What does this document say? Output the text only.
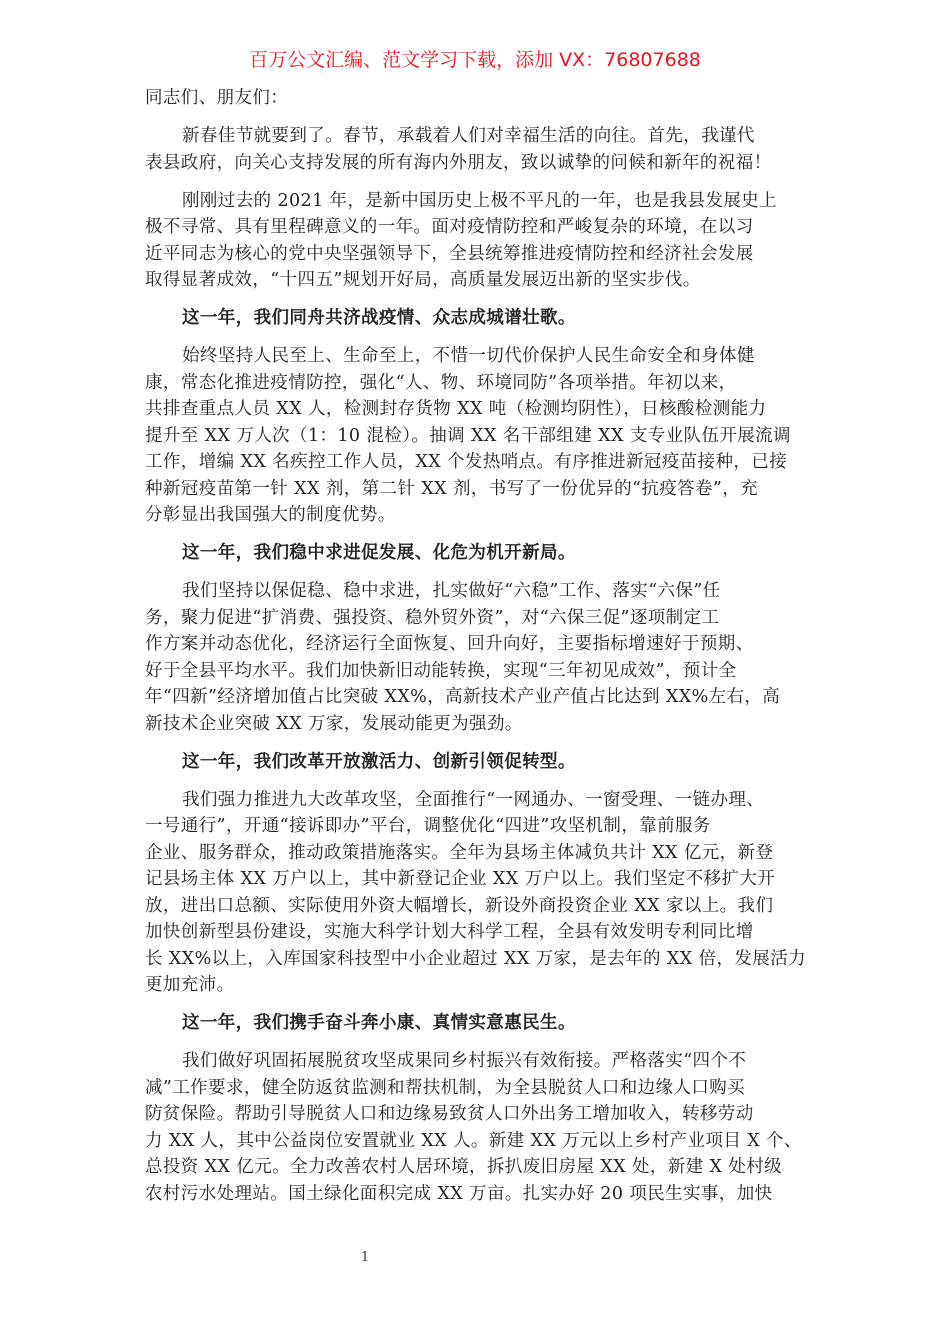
百万公文汇编、范文学习下载，添加 VX：76807688
同志们、朋友们：
新春佳节就要到了。春节，承载着人们对幸福生活的向往。首先，我谨代
表县政府，向关心支持发展的所有海内外朋友，致以诚挚的问候和新年的祝福！
刚刚过去的 2021 年，是新中国历史上极不平凡的一年，也是我县发展史上
极不寻常、具有里程碑意义的一年。面对疫情防控和严峻复杂的环境，在以习
近平同志为核心的党中央坚强领导下，全县统筹推进疫情防控和经济社会发展
取得显著成效，“十四五”规划开好局，高质量发展迈出新的坚实步伐。
这一年，我们同舟共济战疫情、众志成城谱壮歌。
始终坚持人民至上、生命至上，不惜一切代价保护人民生命安全和身体健
康，常态化推进疫情防控，强化“人、物、环境同防”各项举措。年初以来，
共排查重点人员 XX 人，检测封存货物 XX 吨（检测均阴性），日核酸检测能力
提升至 XX 万人次（1：10 混检）。抽调 XX 名干部组建 XX 支专业队伍开展流调
工作，增编 XX 名疾控工作人员，XX 个发热哨点。有序推进新冠疫苗接种，已接
种新冠疫苗第一针 XX 剂，第二针 XX 剂，书写了一份优异的“抗疫答卷”，充
分彰显出我国强大的制度优势。
这一年，我们稳中求进促发展、化危为机开新局。
我们坚持以保促稳、稳中求进，扎实做好“六稳”工作、落实“六保”任
务，聚力促进“扩消费、强投资、稳外贸外资”，对“六保三促”逐项制定工
作方案并动态优化，经济运行全面恢复、回升向好，主要指标增速好于预期、
好于全县平均水平。我们加快新旧动能转换，实现“三年初见成效”，预计全
年“四新”经济增加值占比突破 XX%，高新技术产业产值占比达到 XX%左右，高
新技术企业突破 XX 万家，发展动能更为强劲。
这一年，我们改革开放激活力、创新引领促转型。
我们强力推进九大改革攻坚，全面推行“一网通办、一窗受理、一链办理、
一号通行”，开通“接诉即办”平台，调整优化“四进”攻坚机制，靠前服务
企业、服务群众，推动政策措施落实。全年为县场主体减负共计 XX 亿元，新登
记县场主体 XX 万户以上，其中新登记企业 XX 万户以上。我们坚定不移扩大开
放，进出口总额、实际使用外资大幅增长，新设外商投资企业 XX 家以上。我们
加快创新型县份建设，实施大科学计划大科学工程，全县有效发明专利同比增
长 XX%以上，入库国家科技型中小企业超过 XX 万家，是去年的 XX 倍，发展活力
更加充沛。
这一年，我们携手奋斗奔小康、真情实意惠民生。
我们做好巩固拓展脱贫攻坚成果同乡村振兴有效衔接。严格落实“四个不
减”工作要求，健全防返贫监测和帮扶机制，为全县脱贫人口和边缘人口购买
防贫保险。帮助引导脱贫人口和边缘易致贫人口外出务工增加收入，转移劳动
力 XX 人，其中公益岗位安置就业 XX 人。新建 XX 万元以上乡村产业项目 X 个、
总投资 XX 亿元。全力改善农村人居环境，拆扒废旧房屋 XX 处，新建 X 处村级
农村污水处理站。国土绿化面积完成 XX 万亩。扎实办好 20 项民生实事，加快
1
